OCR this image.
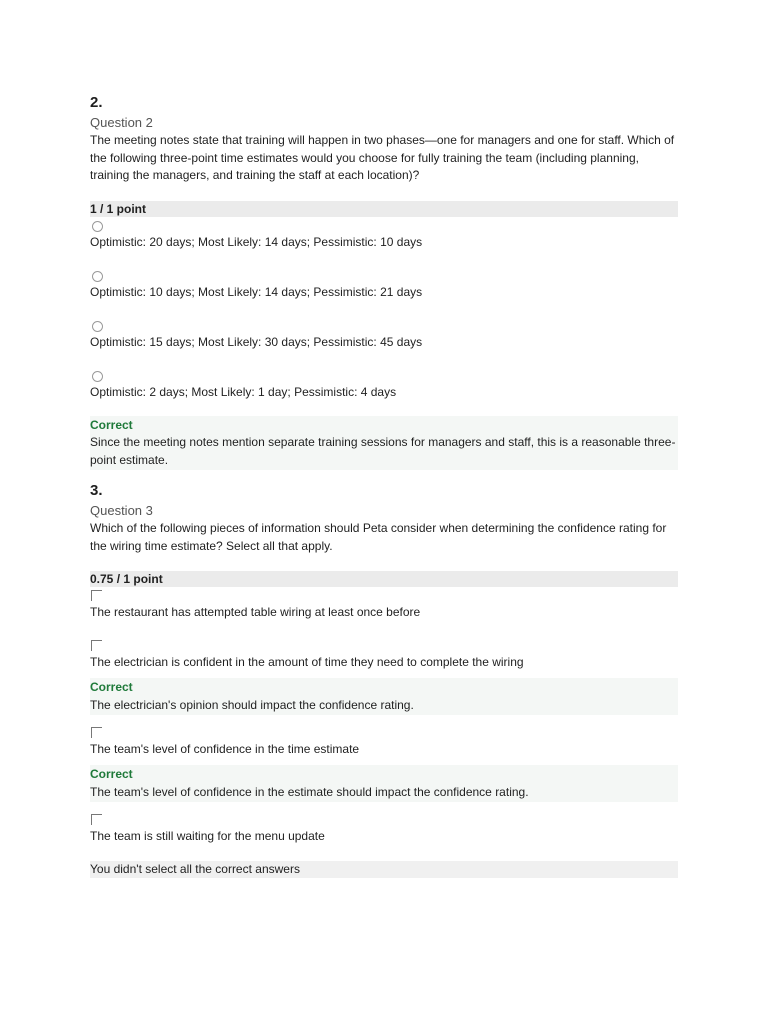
2.
Question 2
The meeting notes state that training will happen in two phases—one for managers and one for staff. Which of the following three-point time estimates would you choose for fully training the team (including planning, training the managers, and training the staff at each location)?
1 / 1 point
Optimistic: 20 days; Most Likely: 14 days; Pessimistic: 10 days
Optimistic: 10 days; Most Likely: 14 days; Pessimistic: 21 days
Optimistic: 15 days; Most Likely: 30 days; Pessimistic: 45 days
Optimistic: 2 days; Most Likely: 1 day; Pessimistic: 4 days
Correct
Since the meeting notes mention separate training sessions for managers and staff, this is a reasonable three-point estimate.
3.
Question 3
Which of the following pieces of information should Peta consider when determining the confidence rating for the wiring time estimate? Select all that apply.
0.75 / 1 point
The restaurant has attempted table wiring at least once before
The electrician is confident in the amount of time they need to complete the wiring
Correct
The electrician's opinion should impact the confidence rating.
The team's level of confidence in the time estimate
Correct
The team's level of confidence in the estimate should impact the confidence rating.
The team is still waiting for the menu update
You didn't select all the correct answers
